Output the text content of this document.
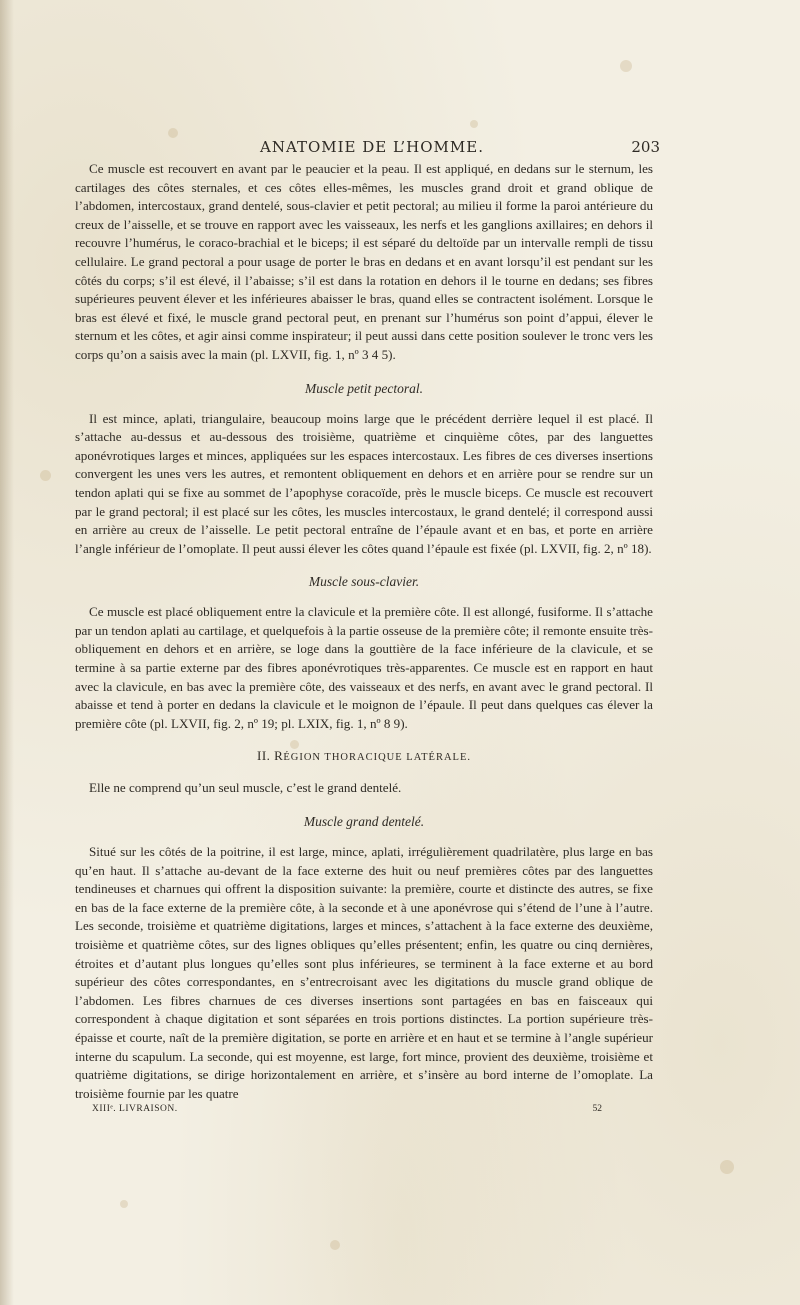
ANATOMIE DE L’HOMME.	203

Ce muscle est recouvert en avant par le peaucier et la peau. Il est appliqué, en dedans sur le sternum, les cartilages des côtes sternales, et ces côtes elles-mêmes, les muscles grand droit et grand oblique de l’abdomen, intercostaux, grand dentelé, sous-clavier et petit pectoral; au milieu il forme la paroi antérieure du creux de l’aisselle, et se trouve en rapport avec les vaisseaux, les nerfs et les ganglions axillaires; en dehors il recouvre l’humérus, le coraco-brachial et le biceps; il est séparé du deltoïde par un intervalle rempli de tissu cellulaire. Le grand pectoral a pour usage de porter le bras en dedans et en avant lorsqu’il est pendant sur les côtés du corps; s’il est élevé, il l’abaisse; s’il est dans la rotation en dehors il le tourne en dedans; ses fibres supérieures peuvent élever et les inférieures abaisser le bras, quand elles se contractent isolément. Lorsque le bras est élevé et fixé, le muscle grand pectoral peut, en prenant sur l’humérus son point d’appui, élever le sternum et les côtes, et agir ainsi comme inspirateur; il peut aussi dans cette position soulever le tronc vers les corps qu’on a saisis avec la main (pl. LXVII, fig. 1, nº 3 4 5).

Muscle petit pectoral.

Il est mince, aplati, triangulaire, beaucoup moins large que le précédent derrière lequel il est placé. Il s’attache au-dessus et au-dessous des troisième, quatrième et cinquième côtes, par des languettes aponévrotiques larges et minces, appliquées sur les espaces intercostaux. Les fibres de ces diverses insertions convergent les unes vers les autres, et remontent obliquement en dehors et en arrière pour se rendre sur un tendon aplati qui se fixe au sommet de l’apophyse coracoïde, près le muscle biceps. Ce muscle est recouvert par le grand pectoral; il est placé sur les côtes, les muscles intercostaux, le grand dentelé; il correspond aussi en arrière au creux de l’aisselle. Le petit pectoral entraîne de l’épaule avant et en bas, et porte en arrière l’angle inférieur de l’omoplate. Il peut aussi élever les côtes quand l’épaule est fixée (pl. LXVII, fig. 2, nº 18).

Muscle sous-clavier.

Ce muscle est placé obliquement entre la clavicule et la première côte. Il est allongé, fusiforme. Il s’attache par un tendon aplati au cartilage, et quelquefois à la partie osseuse de la première côte; il remonte ensuite très-obliquement en dehors et en arrière, se loge dans la gouttière de la face inférieure de la clavicule, et se termine à sa partie externe par des fibres aponévrotiques très-apparentes. Ce muscle est en rapport en haut avec la clavicule, en bas avec la première côte, des vaisseaux et des nerfs, en avant avec le grand pectoral. Il abaisse et tend à porter en dedans la clavicule et le moignon de l’épaule. Il peut dans quelques cas élever la première côte (pl. LXVII, fig. 2, nº 19; pl. LXIX, fig. 1, nº 8 9).

II. RÉGION THORACIQUE LATÉRALE.

Elle ne comprend qu’un seul muscle, c’est le grand dentelé.

Muscle grand dentelé.

Situé sur les côtés de la poitrine, il est large, mince, aplati, irrégulièrement quadrilatère, plus large en bas qu’en haut. Il s’attache au-devant de la face externe des huit ou neuf premières côtes par des languettes tendineuses et charnues qui offrent la disposition suivante: la première, courte et distincte des autres, se fixe en bas de la face externe de la première côte, à la seconde et à une aponévrose qui s’étend de l’une à l’autre. Les seconde, troisième et quatrième digitations, larges et minces, s’attachent à la face externe des deuxième, troisième et quatrième côtes, sur des lignes obliques qu’elles présentent; enfin, les quatre ou cinq dernières, étroites et d’autant plus longues qu’elles sont plus inférieures, se terminent à la face externe et au bord supérieur des côtes correspondantes, en s’entrecroisant avec les digitations du muscle grand oblique de l’abdomen. Les fibres charnues de ces diverses insertions sont partagées en bas en faisceaux qui correspondent à chaque digitation et sont séparées en trois portions distinctes. La portion supérieure très-épaisse et courte, naît de la première digitation, se porte en arrière et en haut et se termine à l’angle supérieur interne du scapulum. La seconde, qui est moyenne, est large, fort mince, provient des deuxième, troisième et quatrième digitations, se dirige horizontalement en arrière, et s’insère au bord interne de l’omoplate. La troisième fournie par les quatre

XIIIᵉ. LIVRAISON.	52
